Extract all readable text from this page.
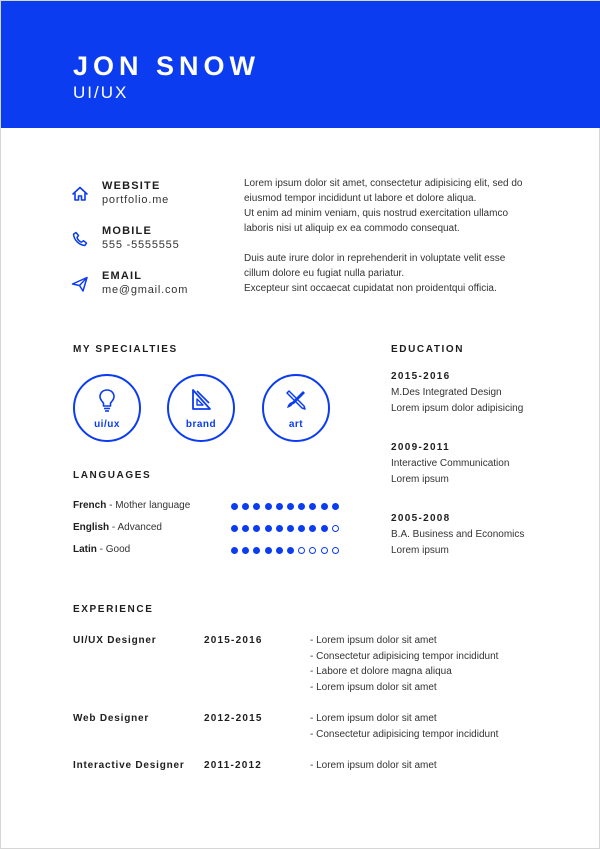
JON SNOW
UI/UX
WEBSITE
portfolio.me
MOBILE
555 -5555555
EMAIL
me@gmail.com

Lorem ipsum dolor sit amet, consectetur adipisicing elit, sed do
eiusmod tempor incididunt ut labore et dolore aliqua.
Ut enim ad minim veniam, quis nostrud exercitation ullamco
laboris nisi ut aliquip ex ea commodo consequat.

Duis aute irure dolor in reprehenderit in voluptate velit esse
cillum dolore eu fugiat nulla pariatur.
Excepteur sint occaecat cupidatat non proidentqui officia.

MY SPECIALTIES
ui/ux	brand	art
LANGUAGES
French - Mother language
English - Advanced
Latin - Good
EDUCATION
2015-2016
M.Des Integrated Design
Lorem ipsum dolor adipisicing
2009-2011
Interactive Communication
Lorem ipsum
2005-2008
B.A. Business and Economics
Lorem ipsum
EXPERIENCE
UI/UX Designer	2015-2016	- Lorem ipsum dolor sit amet
- Consectetur adipisicing tempor incididunt
- Labore et dolore magna aliqua
- Lorem ipsum dolor sit amet
Web Designer	2012-2015	- Lorem ipsum dolor sit amet
- Consectetur adipisicing tempor incididunt
Interactive Designer 2011-2012	- Lorem ipsum dolor sit amet
